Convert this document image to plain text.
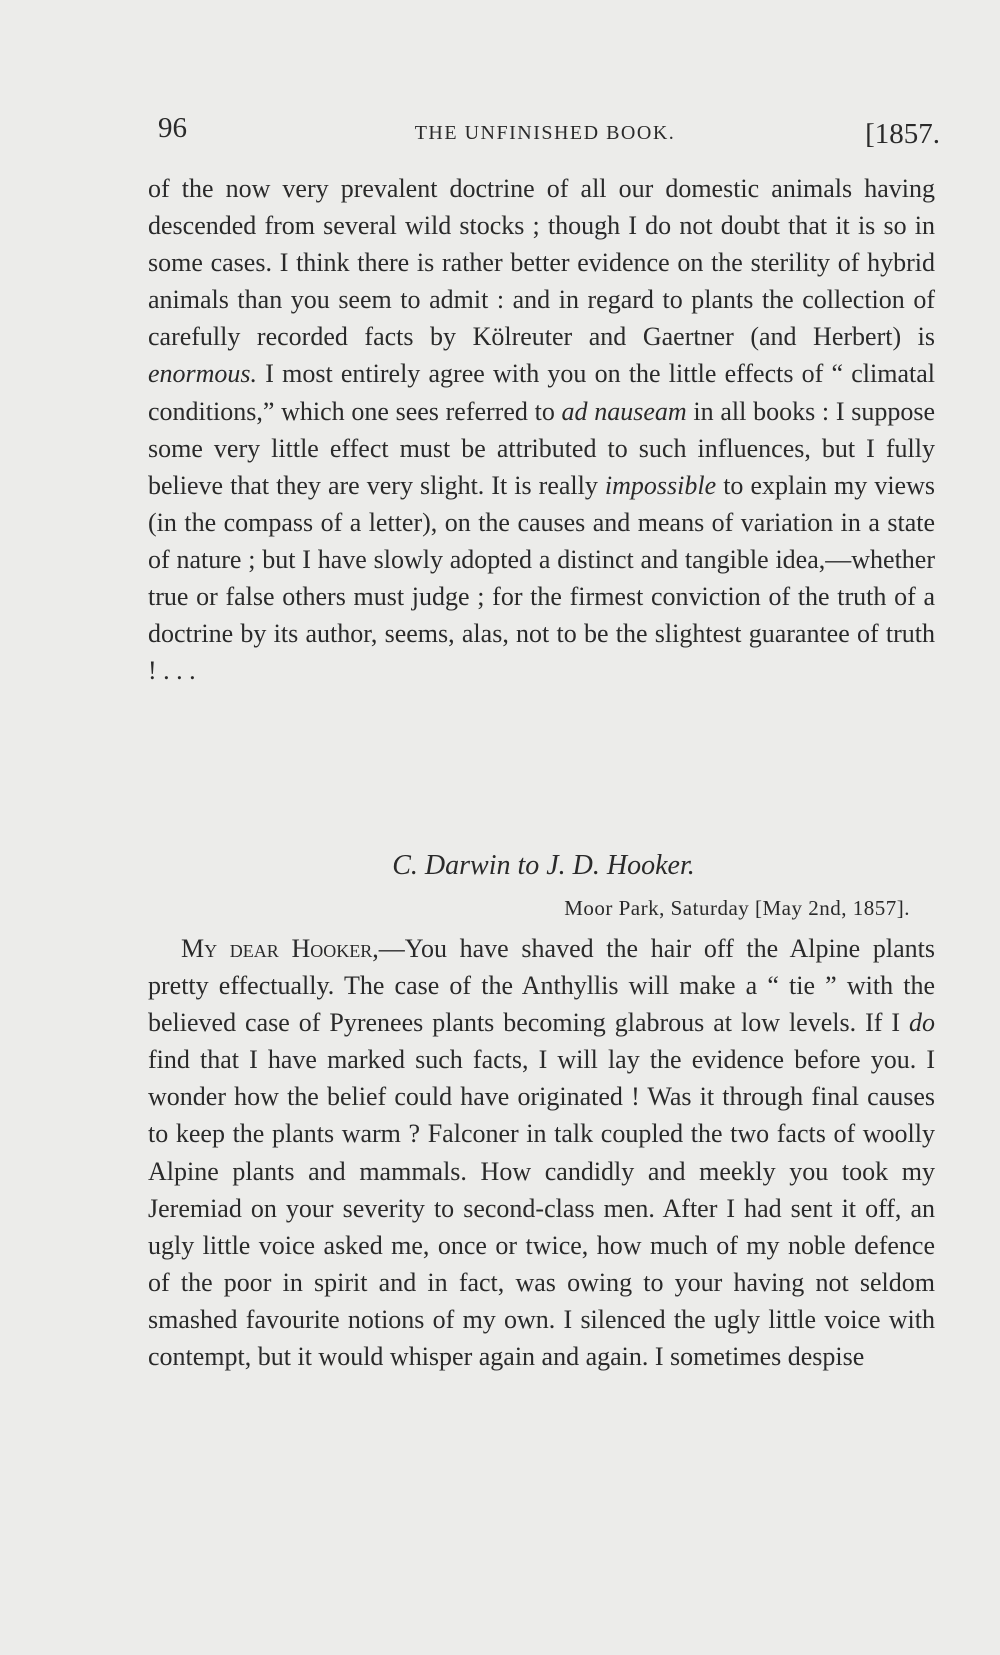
96	THE UNFINISHED BOOK.	[1857.

of the now very prevalent doctrine of all our domestic animals having descended from several wild stocks ; though I do not doubt that it is so in some cases. I think there is rather better evidence on the sterility of hybrid animals than you seem to admit : and in regard to plants the collection of carefully recorded facts by Kölreuter and Gaertner (and Herbert) is enormous. I most entirely agree with you on the little effects of “ climatal conditions,” which one sees referred to ad nauseam in all books : I suppose some very little effect must be attributed to such influences, but I fully believe that they are very slight. It is really impossible to explain my views (in the compass of a letter), on the causes and means of variation in a state of nature ; but I have slowly adopted a distinct and tangible idea,—whether true or false others must judge ; for the firmest conviction of the truth of a doctrine by its author, seems, alas, not to be the slightest guarantee of truth ! . . .

C. Darwin to J. D. Hooker.
Moor Park, Saturday [May 2nd, 1857].

My dear Hooker,—You have shaved the hair off the Alpine plants pretty effectually. The case of the Anthyllis will make a “ tie ” with the believed case of Pyrenees plants becoming glabrous at low levels. If I do find that I have marked such facts, I will lay the evidence before you. I wonder how the belief could have originated ! Was it through final causes to keep the plants warm ? Falconer in talk coupled the two facts of woolly Alpine plants and mammals. How candidly and meekly you took my Jeremiad on your severity to second-class men. After I had sent it off, an ugly little voice asked me, once or twice, how much of my noble defence of the poor in spirit and in fact, was owing to your having not seldom smashed favourite notions of my own. I silenced the ugly little voice with contempt, but it would whisper again and again. I sometimes despise
